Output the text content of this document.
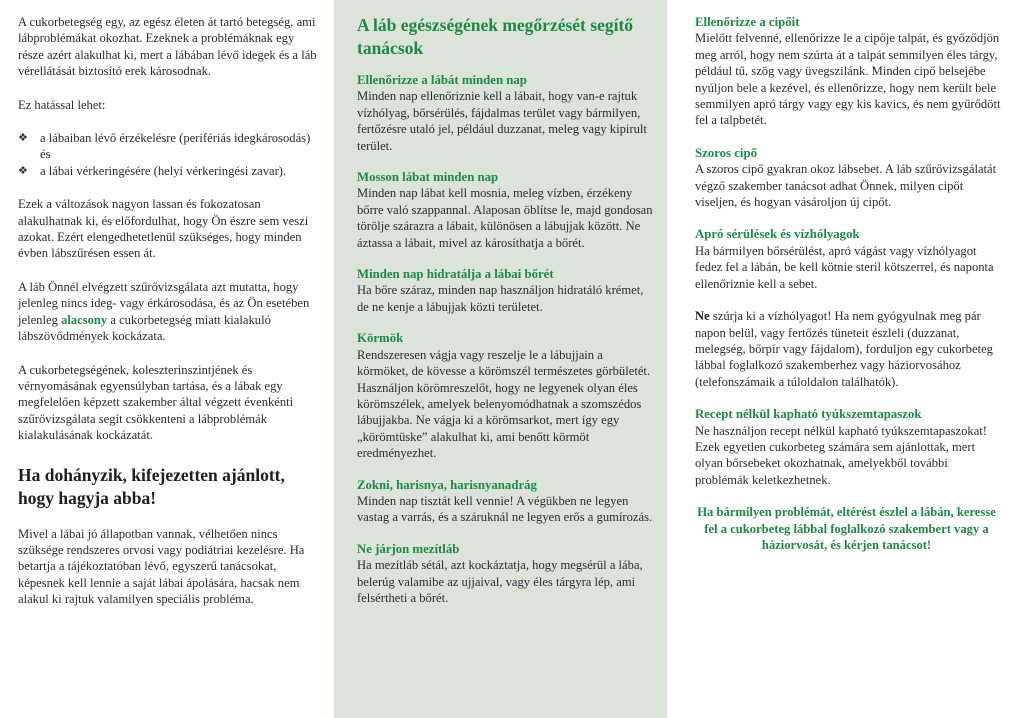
A cukorbetegség egy, az egész életen át tartó betegség, ami lábproblémákat okozhat. Ezeknek a problémáknak egy része azért alakulhat ki, mert a lábában lévő idegek és a láb vérellátását biztosító erek károsodnak.

Ez hatással lehet:

❖ a lábaiban lévő érzékelésre (perifériás idegkárosodás) és
❖ a lábai vérkeringésére (helyi vérkeringési zavar).

Ezek a változások nagyon lassan és fokozatosan alakulhatnak ki, és előfordulhat, hogy Ön észre sem veszi azokat. Ezért elengedhetetlenül szükséges, hogy minden évben lábszűrésen essen át.

A láb Önnél elvégzett szűrővizsgálata azt mutatta, hogy jelenleg nincs ideg- vagy érkárosodása, és az Ön esetében jelenleg alacsony a cukorbetegség miatt kialakuló lábszövődmények kockázata.

A cukorbetegségének, koleszterinszintjének és vérnyomásának egyensúlyban tartása, és a lábak egy megfelelően képzett szakember által végzett évenkénti szűrővizsgálata segít csökkenteni a lábproblémák kialakulásának kockázatát.

Ha dohányzik, kifejezetten ajánlott, hogy hagyja abba!

Mivel a lábai jó állapotban vannak, vélhetően nincs szüksége rendszeres orvosi vagy podiátriai kezelésre. Ha betartja a tájékoztatóban lévő, egyszerű tanácsokat, képesnek kell lennie a saját lábai ápolására, hacsak nem alakul ki rajtuk valamilyen speciális probléma.

A láb egészségének megőrzését segítő tanácsok
Ellenőrizze a lábát minden nap

Minden nap ellenőriznie kell a lábait, hogy van-e rajtuk vízhólyag, bőrsérülés, fájdalmas terület vagy bármilyen, fertőzésre utaló jel, például duzzanat, meleg vagy kipirult terület.

Mosson lábat minden nap

Minden nap lábat kell mosnia, meleg vízben, érzékeny bőrre való szappannal. Alaposan öblítse le, majd gondosan törölje szárazra a lábait, különösen a lábujjak között. Ne áztassa a lábait, mivel az károsíthatja a bőrét.

Minden nap hidratálja a lábai bőrét

Ha bőre száraz, minden nap használjon hidratáló krémet, de ne kenje a lábujjak közti területet.

Körmök

Rendszeresen vágja vagy reszelje le a lábujjain a körmöket, de kövesse a körömszél természetes görbületét. Használjon körömreszelőt, hogy ne legyenek olyan éles körömszélek, amelyek belenyomódhatnak a szomszédos lábujjakba. Ne vágja ki a körömsarkot, mert így egy „körömtüske” alakulhat ki, ami benőtt körmöt eredményezhet.

Zokni, harisnya, harisnyanadrág

Minden nap tisztát kell vennie! A végükben ne legyen vastag a varrás, és a száruknál ne legyen erős a gumírozás.

Ne járjon mezítláb

Ha mezítláb sétál, azt kockáztatja, hogy megsérül a lába, belerúg valamibe az ujjaival, vagy éles tárgyra lép, ami felsértheti a bőrét.

Ellenőrizze a cipőit

Mielőtt felvenné, ellenőrizze le a cipője talpát, és győződjön meg arról, hogy nem szúrta át a talpát semmilyen éles tárgy, például tű, szög vagy üvegszilánk. Minden cipő belsejébe nyúljon bele a kezével, és ellenőrizze, hogy nem került bele semmilyen apró tárgy vagy egy kis kavics, és nem gyűrődött fel a talpbetét.

Szoros cipő

A szoros cipő gyakran okoz lábsebet. A láb szűrővizsgálatát végző szakember tanácsot adhat Önnek, milyen cipőt viseljen, és hogyan vásároljon új cipőt.

Apró sérülések és vízhólyagok

Ha bármilyen bőrsérülést, apró vágást vagy vízhólyagot fedez fel a lábán, be kell kötnie steril kötszerrel, és naponta ellenőriznie kell a sebet.

Ne szúrja ki a vízhólyagot! Ha nem gyógyulnak meg pár napon belül, vagy fertőzés tüneteit észleli (duzzanat, melegség, bőrpír vagy fájdalom), forduljon egy cukorbeteg lábbal foglalkozó szakemberhez vagy háziorvosához (telefonszámaik a túloldalon találhatók).

Recept nélkül kapható tyúkszemtapaszok

Ne használjon recept nélkül kapható tyúkszemtapaszokat! Ezek egyetlen cukorbeteg számára sem ajánlottak, mert olyan bőrsebeket okozhatnak, amelyekből további problémák keletkezhetnek.

Ha bármilyen problémát, eltérést észlel a lábán, keresse fel a cukorbeteg lábbal foglalkozó szakembert vagy a háziorvosát, és kérjen tanácsot!
